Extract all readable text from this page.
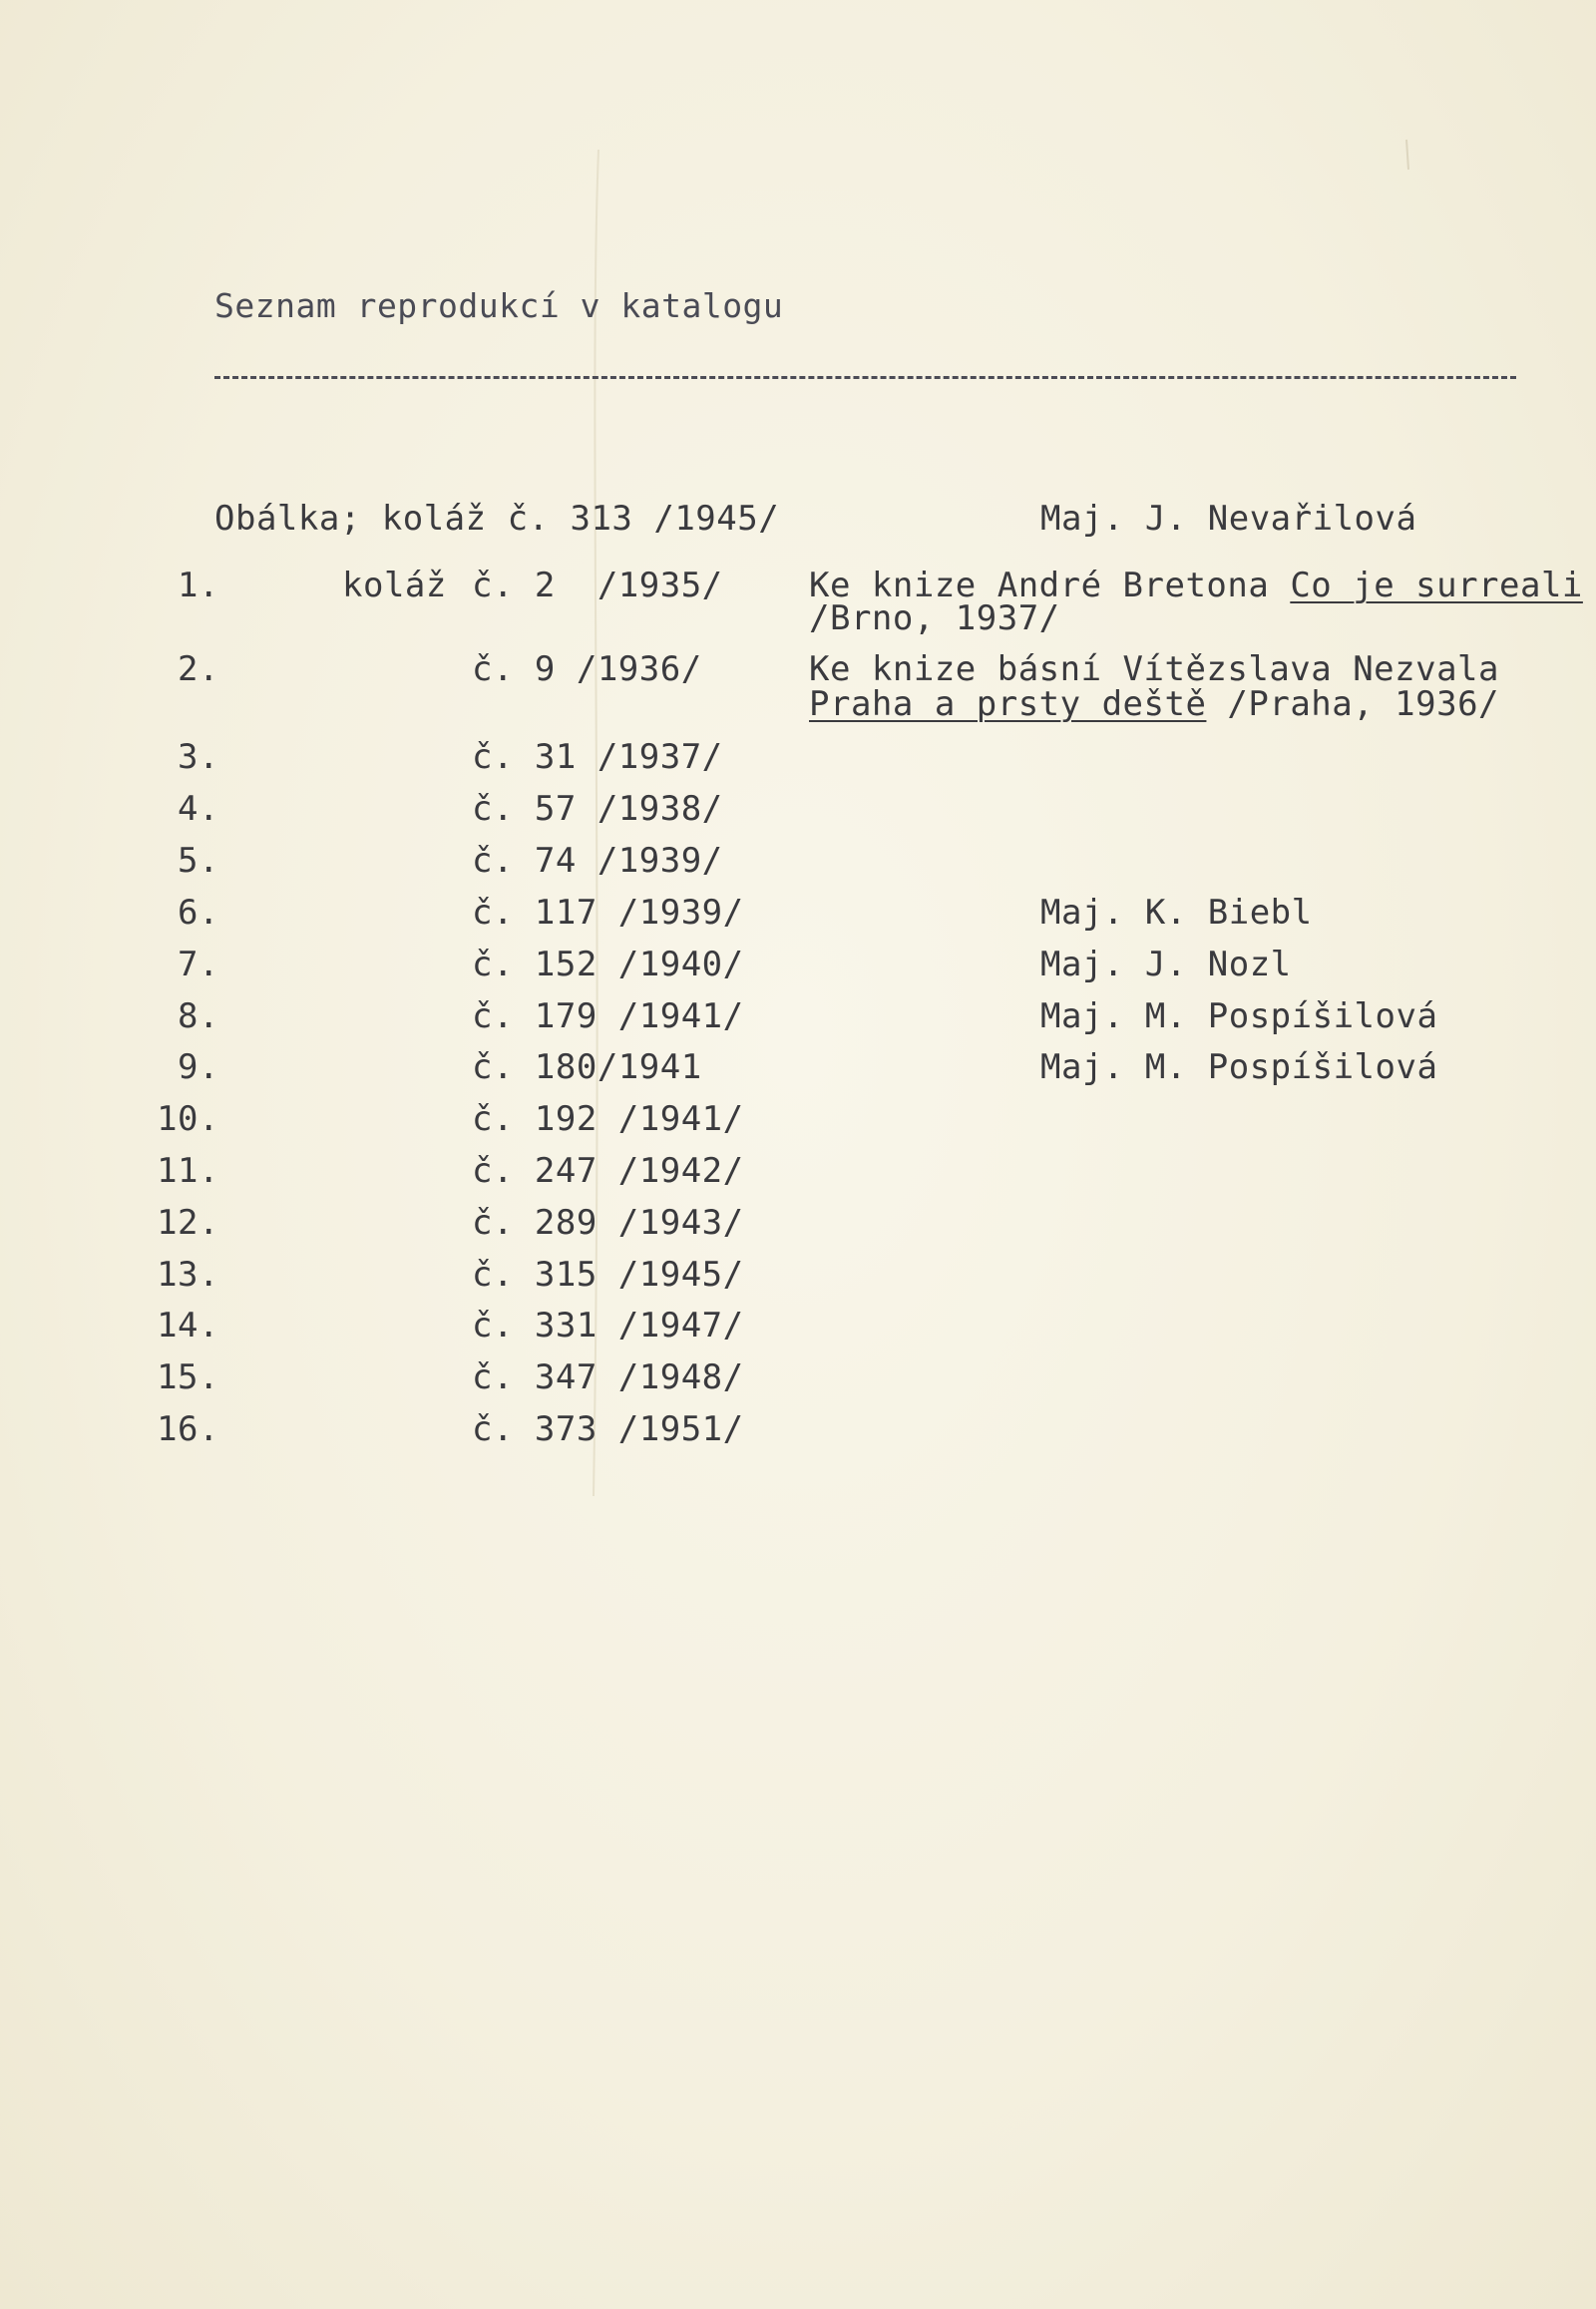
Seznam reprodukcí v katalogu
Obálka; koláž č. 313 /1945/	Maj. J. Nevařilová
1.	koláž č. 2  /1935/	Ke knize André Bretona Co je surreali
/Brno, 1937/
2.	č. 9 /1936/	Ke knize básní Vítězslava Nezvala
Praha a prsty deště /Praha, 1936/
3.	č. 31 /1937/
4.	č. 57 /1938/
5.	č. 74 /1939/
6.	č. 117 /1939/	Maj. K. Biebl
7.	č. 152 /1940/	Maj. J. Nozl
8.	č. 179 /1941/	Maj. M. Pospíšilová
9.	č. 180/1941	Maj. M. Pospíšilová
10.	č. 192 /1941/
11.	č. 247 /1942/
12.	č. 289 /1943/
13.	č. 315 /1945/
14.	č. 331 /1947/
15.	č. 347 /1948/
16.	č. 373 /1951/
